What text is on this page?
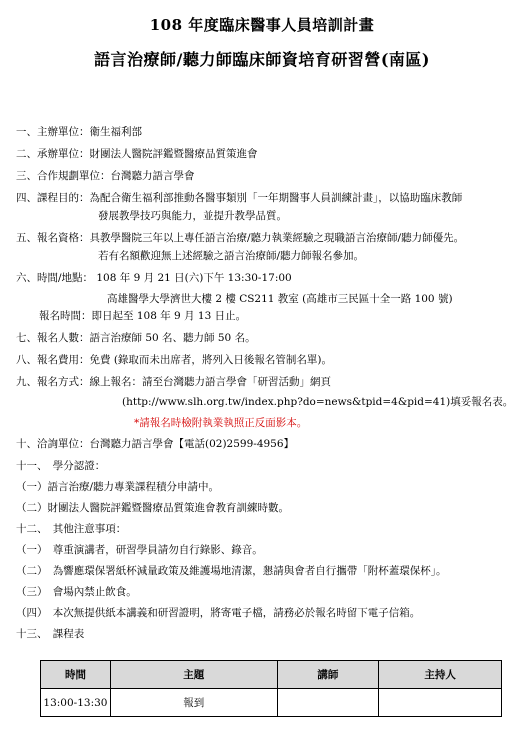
108 年度臨床醫事人員培訓計畫
語言治療師/聽力師臨床師資培育研習營(南區)
一、主辦單位：衛生福利部
二、承辦單位：財團法人醫院評鑑暨醫療品質策進會
三、合作規劃單位：台灣聽力語言學會
四、課程目的：為配合衛生福利部推動各醫事類別「一年期醫事人員訓練計畫」，以協助臨床教師
發展教學技巧與能力，並提升教學品質。
五、報名資格：具教學醫院三年以上專任語言治療/聽力執業經驗之現職語言治療師/聽力師優先。
若有名額歡迎無上述經驗之語言治療師/聽力師報名參加。
六、時間/地點： 108 年 9 月 21 日(六)下午 13:30-17:00
高雄醫學大學濟世大樓 2 樓 CS211 教室 (高雄市三民區十全一路 100 號)
報名時間：即日起至 108 年 9 月 13 日止。
七、報名人數：語言治療師 50 名、聽力師 50 名。
八、報名費用：免費 (錄取而未出席者，將列入日後報名管制名單)。
九、報名方式：線上報名：請至台灣聽力語言學會「研習活動」網頁
(http://www.slh.org.tw/index.php?do=news&tpid=4&pid=41)填妥報名表。
*請報名時檢附執業執照正反面影本。
十、洽詢單位：台灣聽力語言學會【電話(02)2599-4956】
十一、　學分認證：
（一）語言治療/聽力專業課程積分申請中。
（二）財團法人醫院評鑑暨醫療品質策進會教育訓練時數。
十二、　其他注意事項：
（一）　尊重演講者，研習學員請勿自行錄影、錄音。
（二）　為響應環保署紙杯減量政策及維護場地清潔，懇請與會者自行攜帶「附杯蓋環保杯」。
（三）　會場內禁止飲食。
（四）　本次無提供紙本講義和研習證明，將寄電子檔，請務必於報名時留下電子信箱。
十三、　課程表
時間	主題	講師	主持人
13:00-13:30	報到		
